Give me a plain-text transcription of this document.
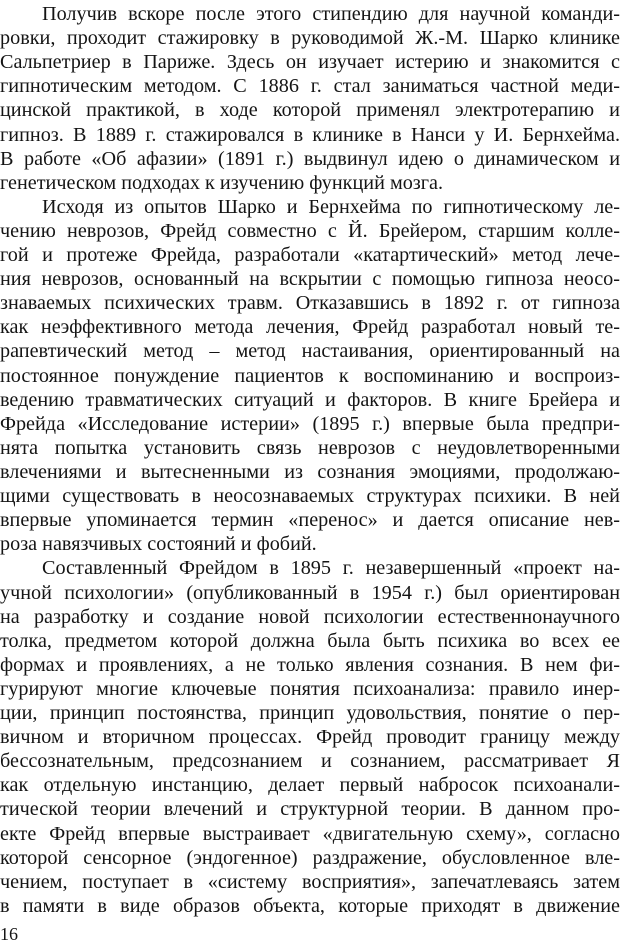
Получив вскоре после этого стипендию для научной команди-
ровки, проходит стажировку в руководимой Ж.-М. Шарко клинике
Сальпетриер в Париже. Здесь он изучает истерию и знакомится с
гипнотическим методом. С 1886 г. стал заниматься частной меди-
цинской практикой, в ходе которой применял электротерапию и
гипноз. В 1889 г. стажировался в клинике в Нанси у И. Бернхейма.
В работе «Об афазии» (1891 г.) выдвинул идею о динамическом и
генетическом подходах к изучению функций мозга.
Исходя из опытов Шарко и Бернхейма по гипнотическому ле-
чению неврозов, Фрейд совместно с Й. Брейером, старшим колле-
гой и протеже Фрейда, разработали «катартический» метод лече-
ния неврозов, основанный на вскрытии с помощью гипноза неосо-
знаваемых психических травм. Отказавшись в 1892 г. от гипноза
как неэффективного метода лечения, Фрейд разработал новый те-
рапевтический метод – метод настаивания, ориентированный на
постоянное понуждение пациентов к воспоминанию и воспроиз-
ведению травматических ситуаций и факторов. В книге Брейера и
Фрейда «Исследование истерии» (1895 г.) впервые была предпри-
нята попытка установить связь неврозов с неудовлетворенными
влечениями и вытесненными из сознания эмоциями, продолжаю-
щими существовать в неосознаваемых структурах психики. В ней
впервые упоминается термин «перенос» и дается описание нев-
роза навязчивых состояний и фобий.
Составленный Фрейдом в 1895 г. незавершенный «проект на-
учной психологии» (опубликованный в 1954 г.) был ориентирован
на разработку и создание новой психологии естественнонаучного
толка, предметом которой должна была быть психика во всех ее
формах и проявлениях, а не только явления сознания. В нем фи-
гурируют многие ключевые понятия психоанализа: правило инер-
ции, принцип постоянства, принцип удовольствия, понятие о пер-
вичном и вторичном процессах. Фрейд проводит границу между
бессознательным, предсознанием и сознанием, рассматривает Я
как отдельную инстанцию, делает первый набросок психоанали-
тической теории влечений и структурной теории. В данном про-
екте Фрейд впервые выстраивает «двигательную схему», согласно
которой сенсорное (эндогенное) раздражение, обусловленное вле-
чением, поступает в «систему восприятия», запечатлеваясь затем
в памяти в виде образов объекта, которые приходят в движение
16
